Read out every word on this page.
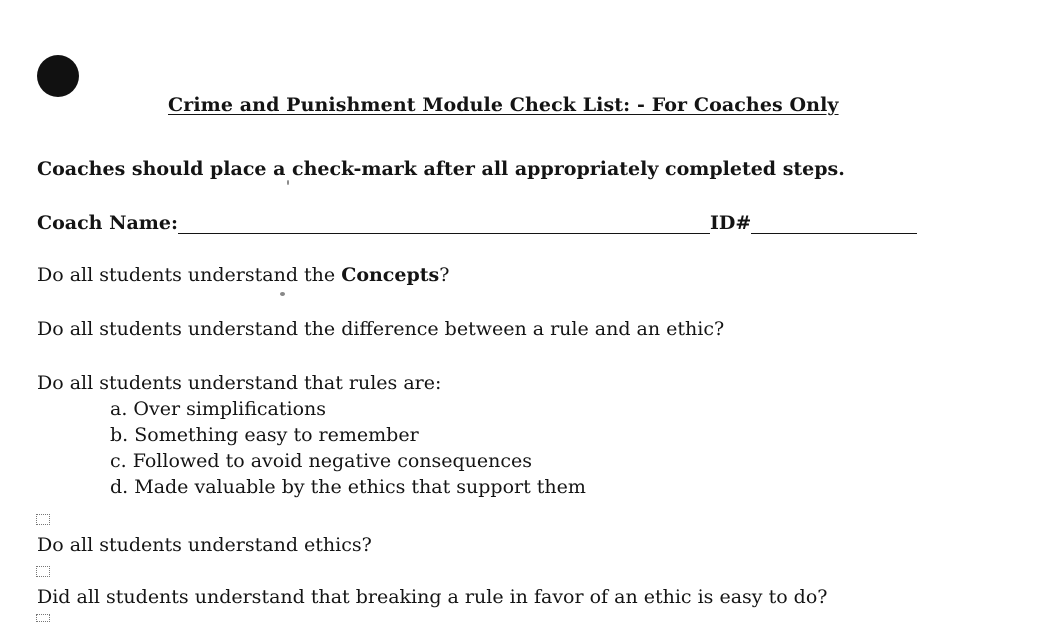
Crime and Punishment Module Check List: - For Coaches Only
Coaches should place a check-mark after all appropriately completed steps.
Coach Name:	ID#
Do all students understand the Concepts?
Do all students understand the difference between a rule and an ethic?
Do all students understand that rules are:
a. Over simplifications
b. Something easy to remember
c. Followed to avoid negative consequences
d. Made valuable by the ethics that support them
Do all students understand ethics?
Did all students understand that breaking a rule in favor of an ethic is easy to do?
